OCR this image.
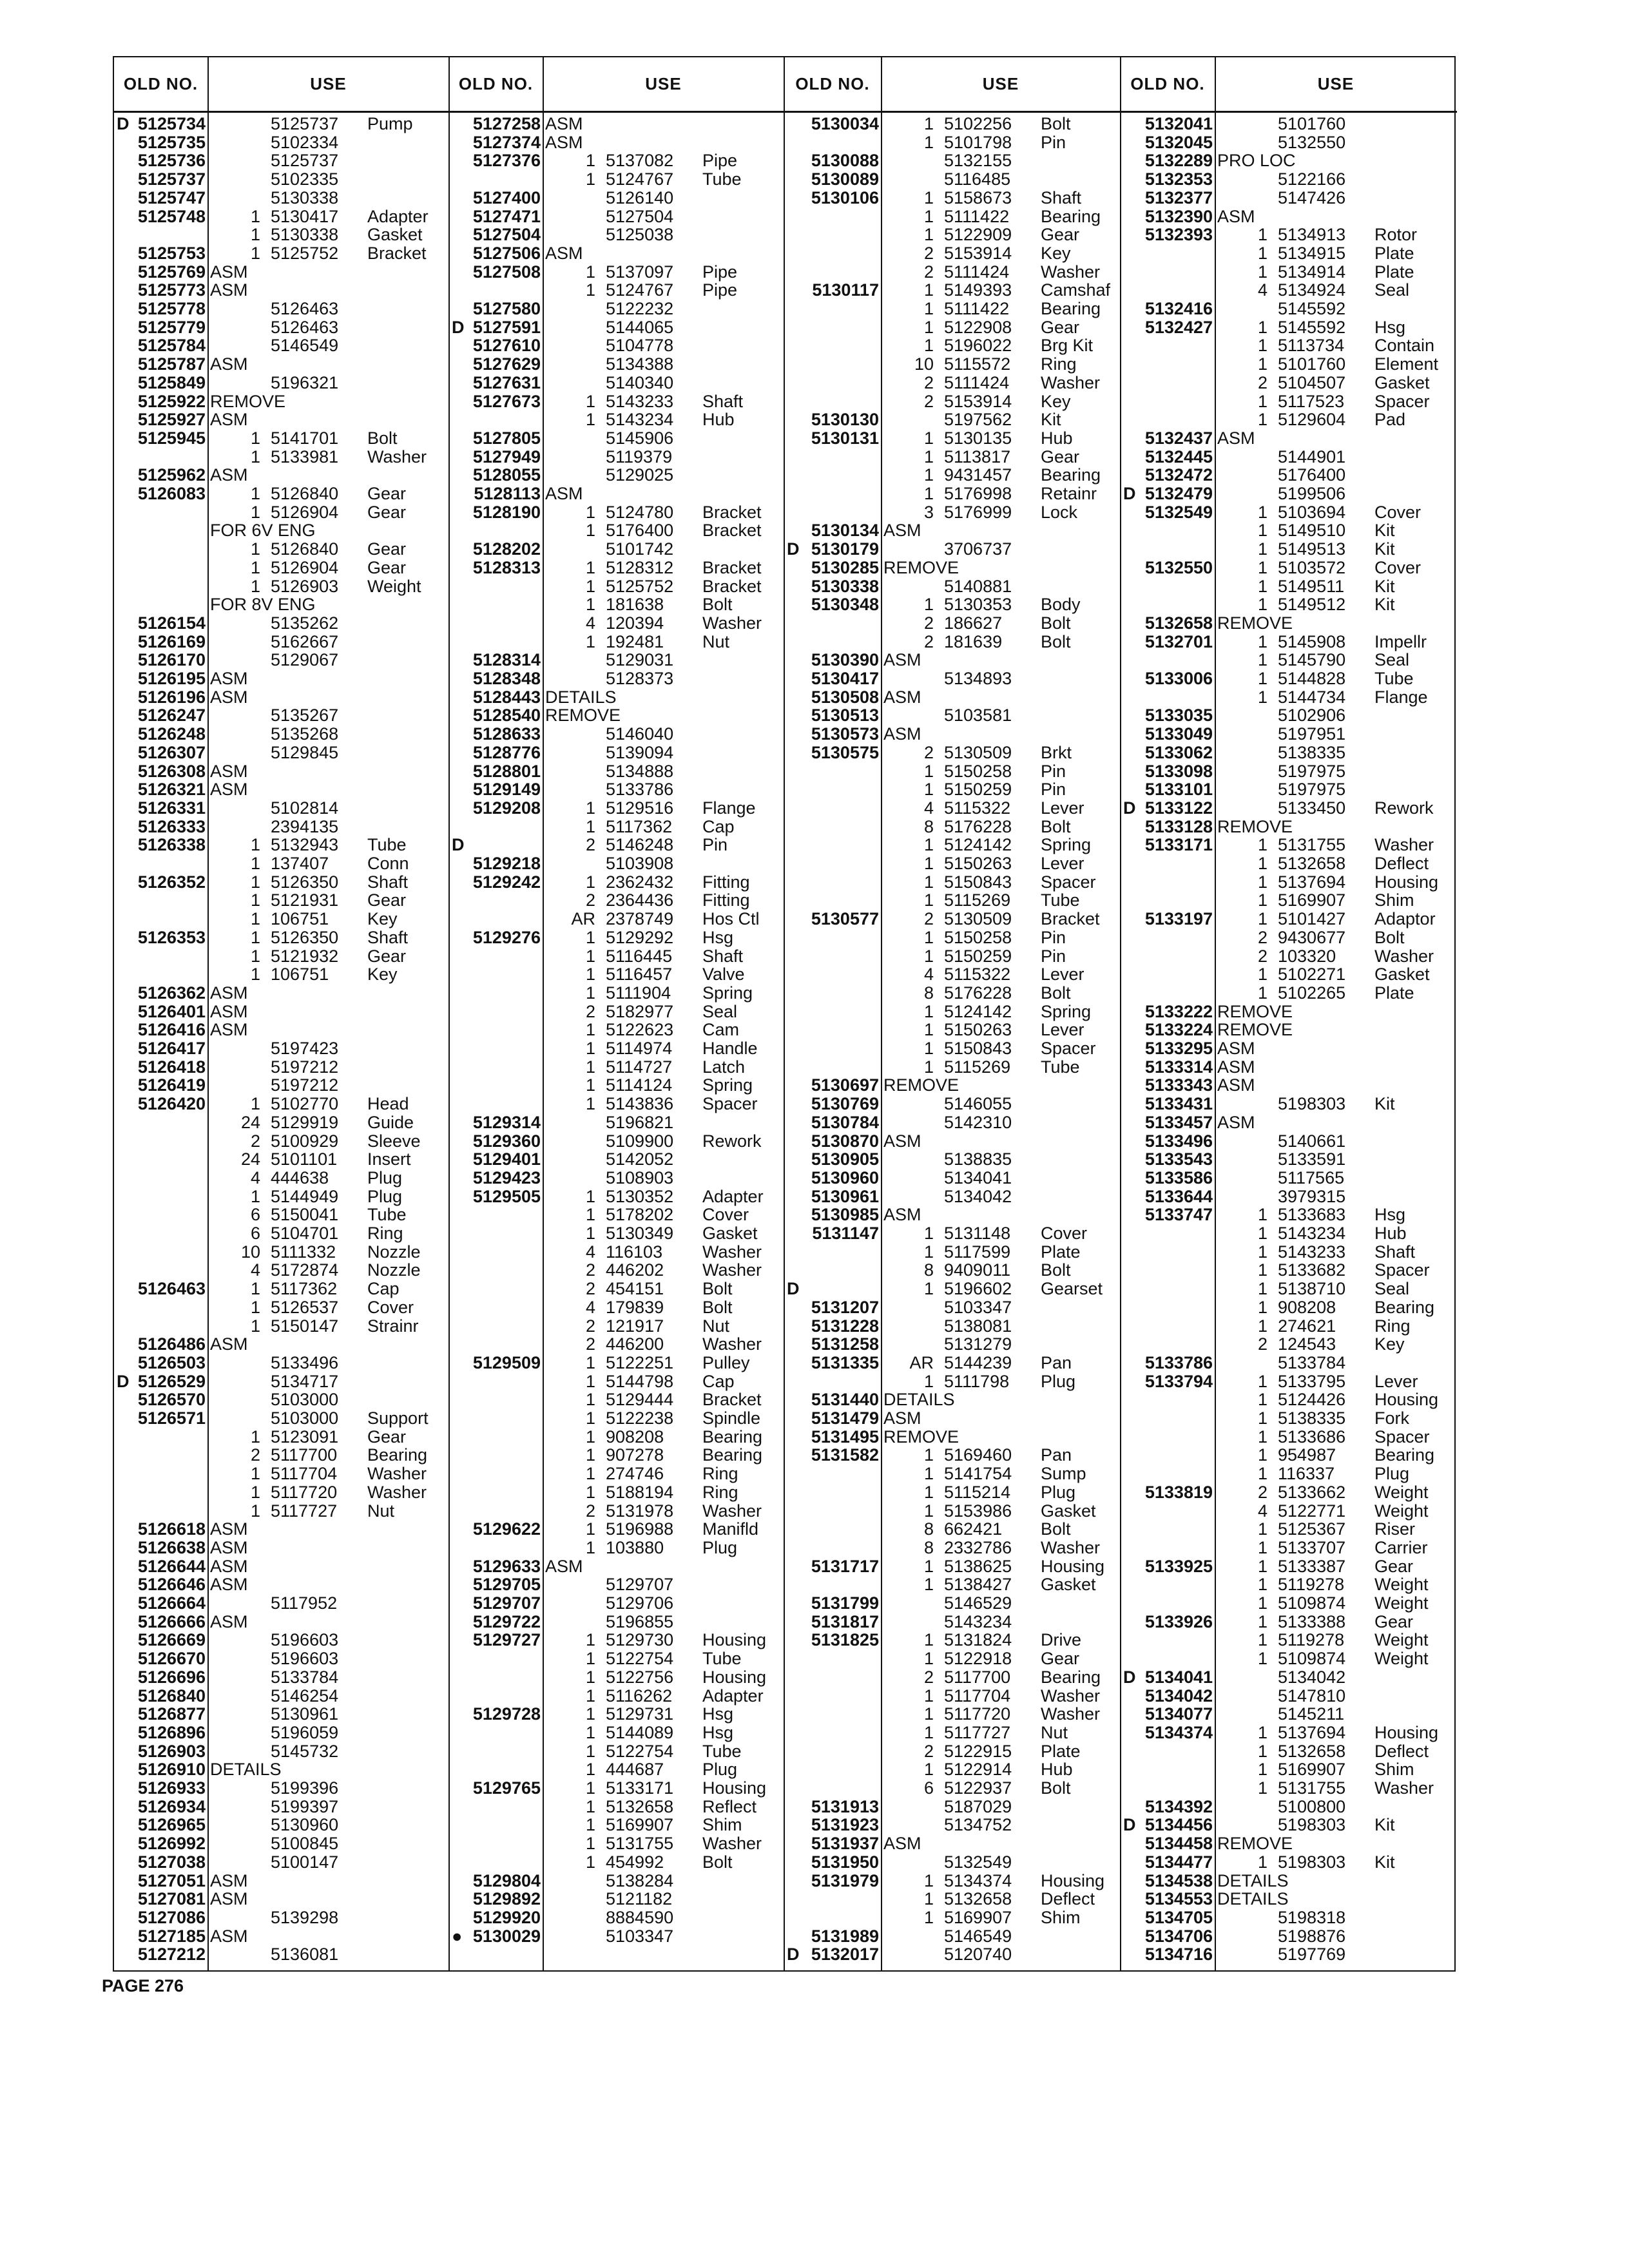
OLD NO.	USE
D 5125734	5125737 Pump
5125735	5102334
5125736	5125737
5125737	5102335
5125747	5130338
5125748	1 5130417 Adapter
1 5130338 Gasket
5125753	1 5125752 Bracket
5125769 ASM
5125773 ASM
5125778	5126463
5125779	5126463
5125784	5146549
5125787 ASM
5125849	5196321
5125922 REMOVE
5125927 ASM
5125945	1 5141701 Bolt
1 5133981 Washer
5125962 ASM
5126083	1 5126840 Gear
1 5126904 Gear
FOR 6V ENG
1 5126840 Gear
1 5126904 Gear
1 5126903 Weight
FOR 8V ENG
5126154	5135262
5126169	5162667
5126170	5129067
5126195 ASM
5126196 ASM
5126247	5135267
5126248	5135268
5126307	5129845
5126308 ASM
5126321 ASM
5126331	5102814
5126333	2394135
5126338	1 5132943 Tube
1 137407 Conn
5126352	1 5126350 Shaft
1 5121931 Gear
1 106751 Key
5126353	1 5126350 Shaft
1 5121932 Gear
1 106751 Key
5126362 ASM
5126401 ASM
5126416 ASM
5126417	5197423
5126418	5197212
5126419	5197212
5126420	1 5102770 Head
24 5129919 Guide
2 5100929 Sleeve
24 5101101 Insert
4 444638 Plug
1 5144949 Plug
6 5150041 Tube
6 5104701 Ring
10 5111332 Nozzle
4 5172874 Nozzle
5126463	1 5117362 Cap
1 5126537 Cover
1 5150147 Strainr
5126486 ASM
5126503	5133496
D 5126529	5134717
5126570	5103000
5126571	5103000 Support
1 5123091 Gear
2 5117700 Bearing
1 5117704 Washer
1 5117720 Washer
1 5117727 Nut
5126618 ASM
5126638 ASM
5126644 ASM
5126646 ASM
5126664	5117952
5126666 ASM
5126669	5196603
5126670	5196603
5126696	5133784
5126840	5146254
5126877	5130961
5126896	5196059
5126903	5145732
5126910 DETAILS
5126933	5199396
5126934	5199397
5126965	5130960
5126992	5100845
5127038	5100147
5127051 ASM
5127081 ASM
5127086	5139298
5127185 ASM
5127212	5136081
OLD NO.	USE
5127258 ASM
5127374 ASM
5127376	1 5137082 Pipe
1 5124767 Tube
5127400	5126140
5127471	5127504
5127504	5125038
5127506 ASM
5127508	1 5137097 Pipe
1 5124767 Pipe
5127580	5122232
D 5127591	5144065
5127610	5104778
5127629	5134388
5127631	5140340
5127673	1 5143233 Shaft
1 5143234 Hub
5127805	5145906
5127949	5119379
5128055	5129025
5128113 ASM
5128190	1 5124780 Bracket
1 5176400 Bracket
5128202	5101742
5128313	1 5128312 Bracket
1 5125752 Bracket
1 181638 Bolt
4 120394 Washer
1 192481 Nut
5128314	5129031
5128348	5128373
5128443 DETAILS
5128540 REMOVE
5128633	5146040
5128776	5139094
5128801	5134888
5129149	5133786
5129208	1 5129516 Flange
1 5117362 Cap
D	2 5146248 Pin
5129218	5103908
5129242	1 2362432 Fitting
2 2364436 Fitting
AR 2378749 Hos Ctl
5129276	1 5129292 Hsg
1 5116445 Shaft
1 5116457 Valve
1 5111904 Spring
2 5182977 Seal
1 5122623 Cam
1 5114974 Handle
1 5114727 Latch
1 5114124 Spring
1 5143836 Spacer
5129314	5196821
5129360	5109900 Rework
5129401	5142052
5129423	5108903
5129505	1 5130352 Adapter
1 5178202 Cover
1 5130349 Gasket
4 116103 Washer
2 446202 Washer
2 454151 Bolt
4 179839 Bolt
2 121917 Nut
2 446200 Washer
5129509	1 5122251 Pulley
1 5144798 Cap
1 5129444 Bracket
1 5122238 Spindle
1 908208 Bearing
1 907278 Bearing
1 274746 Ring
1 5188194 Ring
2 5131978 Washer
5129622	1 5196988 Manifld
1 103880 Plug
5129633 ASM
5129705	5129707
5129707	5129706
5129722	5196855
5129727	1 5129730 Housing
1 5122754 Tube
1 5122756 Housing
1 5116262 Adapter
5129728	1 5129731 Hsg
1 5144089 Hsg
1 5122754 Tube
1 444687 Plug
5129765	1 5133171 Housing
1 5132658 Reflect
1 5169907 Shim
1 5131755 Washer
1 454992 Bolt
5129804	5138284
5129892	5121182
5129920	8884590
● 5130029	5103347
OLD NO.	USE
5130034	1 5102256 Bolt
1 5101798 Pin
5130088	5132155
5130089	5116485
5130106	1 5158673 Shaft
1 5111422 Bearing
1 5122909 Gear
2 5153914 Key
2 5111424 Washer
5130117	1 5149393 Camshaf
1 5111422 Bearing
1 5122908 Gear
1 5196022 Brg Kit
10 5115572 Ring
2 5111424 Washer
2 5153914 Key
5130130	5197562 Kit
5130131	1 5130135 Hub
1 5113817 Gear
1 9431457 Bearing
1 5176998 Retainr
3 5176999 Lock
5130134 ASM
D 5130179	3706737
5130285 REMOVE
5130338	5140881
5130348	1 5130353 Body
2 186627 Bolt
2 181639 Bolt
5130390 ASM
5130417	5134893
5130508 ASM
5130513	5103581
5130573 ASM
5130575	2 5130509 Brkt
1 5150258 Pin
1 5150259 Pin
4 5115322 Lever
8 5176228 Bolt
1 5124142 Spring
1 5150263 Lever
1 5150843 Spacer
1 5115269 Tube
5130577	2 5130509 Bracket
1 5150258 Pin
1 5150259 Pin
4 5115322 Lever
8 5176228 Bolt
1 5124142 Spring
1 5150263 Lever
1 5150843 Spacer
1 5115269 Tube
5130697 REMOVE
5130769	5146055
5130784	5142310
5130870 ASM
5130905	5138835
5130960	5134041
5130961	5134042
5130985 ASM
5131147	1 5131148 Cover
1 5117599 Plate
8 9409011 Bolt
D	1 5196602 Gearset
5131207	5103347
5131228	5138081
5131258	5131279
5131335 AR 5144239 Pan
1 5111798 Plug
5131440 DETAILS
5131479 ASM
5131495 REMOVE
5131582	1 5169460 Pan
1 5141754 Sump
1 5115214 Plug
1 5153986 Gasket
8 662421 Bolt
8 2332786 Washer
5131717	1 5138625 Housing
1 5138427 Gasket
5131799	5146529
5131817	5143234
5131825	1 5131824 Drive
1 5122918 Gear
2 5117700 Bearing
1 5117704 Washer
1 5117720 Washer
1 5117727 Nut
2 5122915 Plate
1 5122914 Hub
6 5122937 Bolt
5131913	5187029
5131923	5134752
5131937 ASM
5131950	5132549
5131979	1 5134374 Housing
1 5132658 Deflect
1 5169907 Shim
5131989	5146549
D 5132017	5120740
OLD NO.	USE
5132041	5101760
5132045	5132550
5132289 PRO LOC
5132353	5122166
5132377	5147426
5132390 ASM
5132393	1 5134913 Rotor
1 5134915 Plate
1 5134914 Plate
4 5134924 Seal
5132416	5145592
5132427	1 5145592 Hsg
1 5113734 Contain
1 5101760 Element
2 5104507 Gasket
1 5117523 Spacer
1 5129604 Pad
5132437 ASM
5132445	5144901
5132472	5176400
D 5132479	5199506
5132549	1 5103694 Cover
1 5149510 Kit
1 5149513 Kit
5132550	1 5103572 Cover
1 5149511 Kit
1 5149512 Kit
5132658 REMOVE
5132701	1 5145908 Impellr
1 5145790 Seal
5133006	1 5144828 Tube
1 5144734 Flange
5133035	5102906
5133049	5197951
5133062	5138335
5133098	5197975
5133101	5197975
D 5133122	5133450 Rework
5133128 REMOVE
5133171	1 5131755 Washer
1 5132658 Deflect
1 5137694 Housing
1 5169907 Shim
5133197	1 5101427 Adaptor
2 9430677 Bolt
2 103320 Washer
1 5102271 Gasket
1 5102265 Plate
5133222 REMOVE
5133224 REMOVE
5133295 ASM
5133314 ASM
5133343 ASM
5133431	5198303 Kit
5133457 ASM
5133496	5140661
5133543	5133591
5133586	5117565
5133644	3979315
5133747	1 5133683 Hsg
1 5143234 Hub
1 5143233 Shaft
1 5133682 Spacer
1 5138710 Seal
1 908208 Bearing
1 274621 Ring
2 124543 Key
5133786	5133784
5133794	1 5133795 Lever
1 5124426 Housing
1 5138335 Fork
1 5133686 Spacer
1 954987 Bearing
1 116337 Plug
5133819	2 5133662 Weight
4 5122771 Weight
1 5125367 Riser
1 5133707 Carrier
5133925	1 5133387 Gear
1 5119278 Weight
1 5109874 Weight
5133926	1 5133388 Gear
1 5119278 Weight
1 5109874 Weight
D 5134041	5134042
5134042	5147810
5134077	5145211
5134374	1 5137694 Housing
1 5132658 Deflect
1 5169907 Shim
1 5131755 Washer
5134392	5100800
D 5134456	5198303 Kit
5134458 REMOVE
5134477	1 5198303 Kit
5134538 DETAILS
5134553 DETAILS
5134705	5198318
5134706	5198876
5134716	5197769
PAGE 276
